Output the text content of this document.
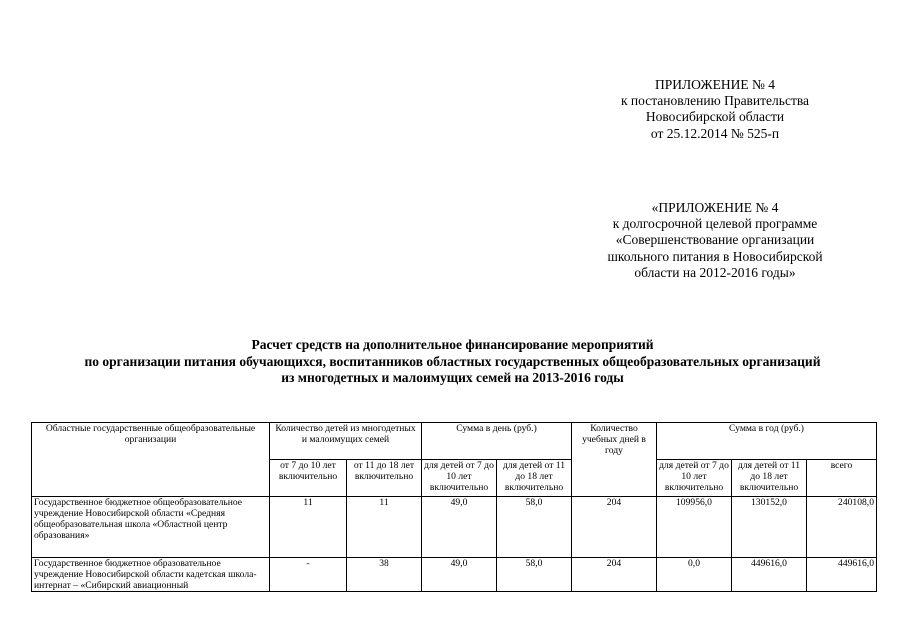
ПРИЛОЖЕНИЕ № 4
к постановлению Правительства
Новосибирской области
от 25.12.2014 № 525-п
«ПРИЛОЖЕНИЕ № 4
к долгосрочной целевой программе
«Совершенствование организации
школьного питания в Новосибирской
области на 2012-2016 годы»
Расчет средств на дополнительное финансирование мероприятий
по организации питания обучающихся, воспитанников областных государственных общеобразовательных организаций
из многодетных и малоимущих семей на 2013-2016 годы
Областные государственные общеобразовательные организации	Количество детей из многодетных и малоимущих семей		Сумма в день (руб.)		Количество учебных дней в году	Сумма в год (руб.)		
	от 7 до 10 лет включительно	от 11 до 18 лет включительно	для детей от 7 до 10 лет включительно	для детей от 11 до 18 лет включительно		для детей от 7 до 10 лет включительно	для детей от 11 до 18 лет включительно	всего
Государственное бюджетное общеобразовательное учреждение Новосибирской области «Средняя общеобразовательная школа «Областной центр образования»	11	11	49,0	58,0	204	109956,0	130152,0	240108,0
Государственное бюджетное образовательное учреждение Новосибирской области кадетская школа-интернат – «Сибирский авиационный	-	38	49,0	58,0	204	0,0	449616,0	449616,0
